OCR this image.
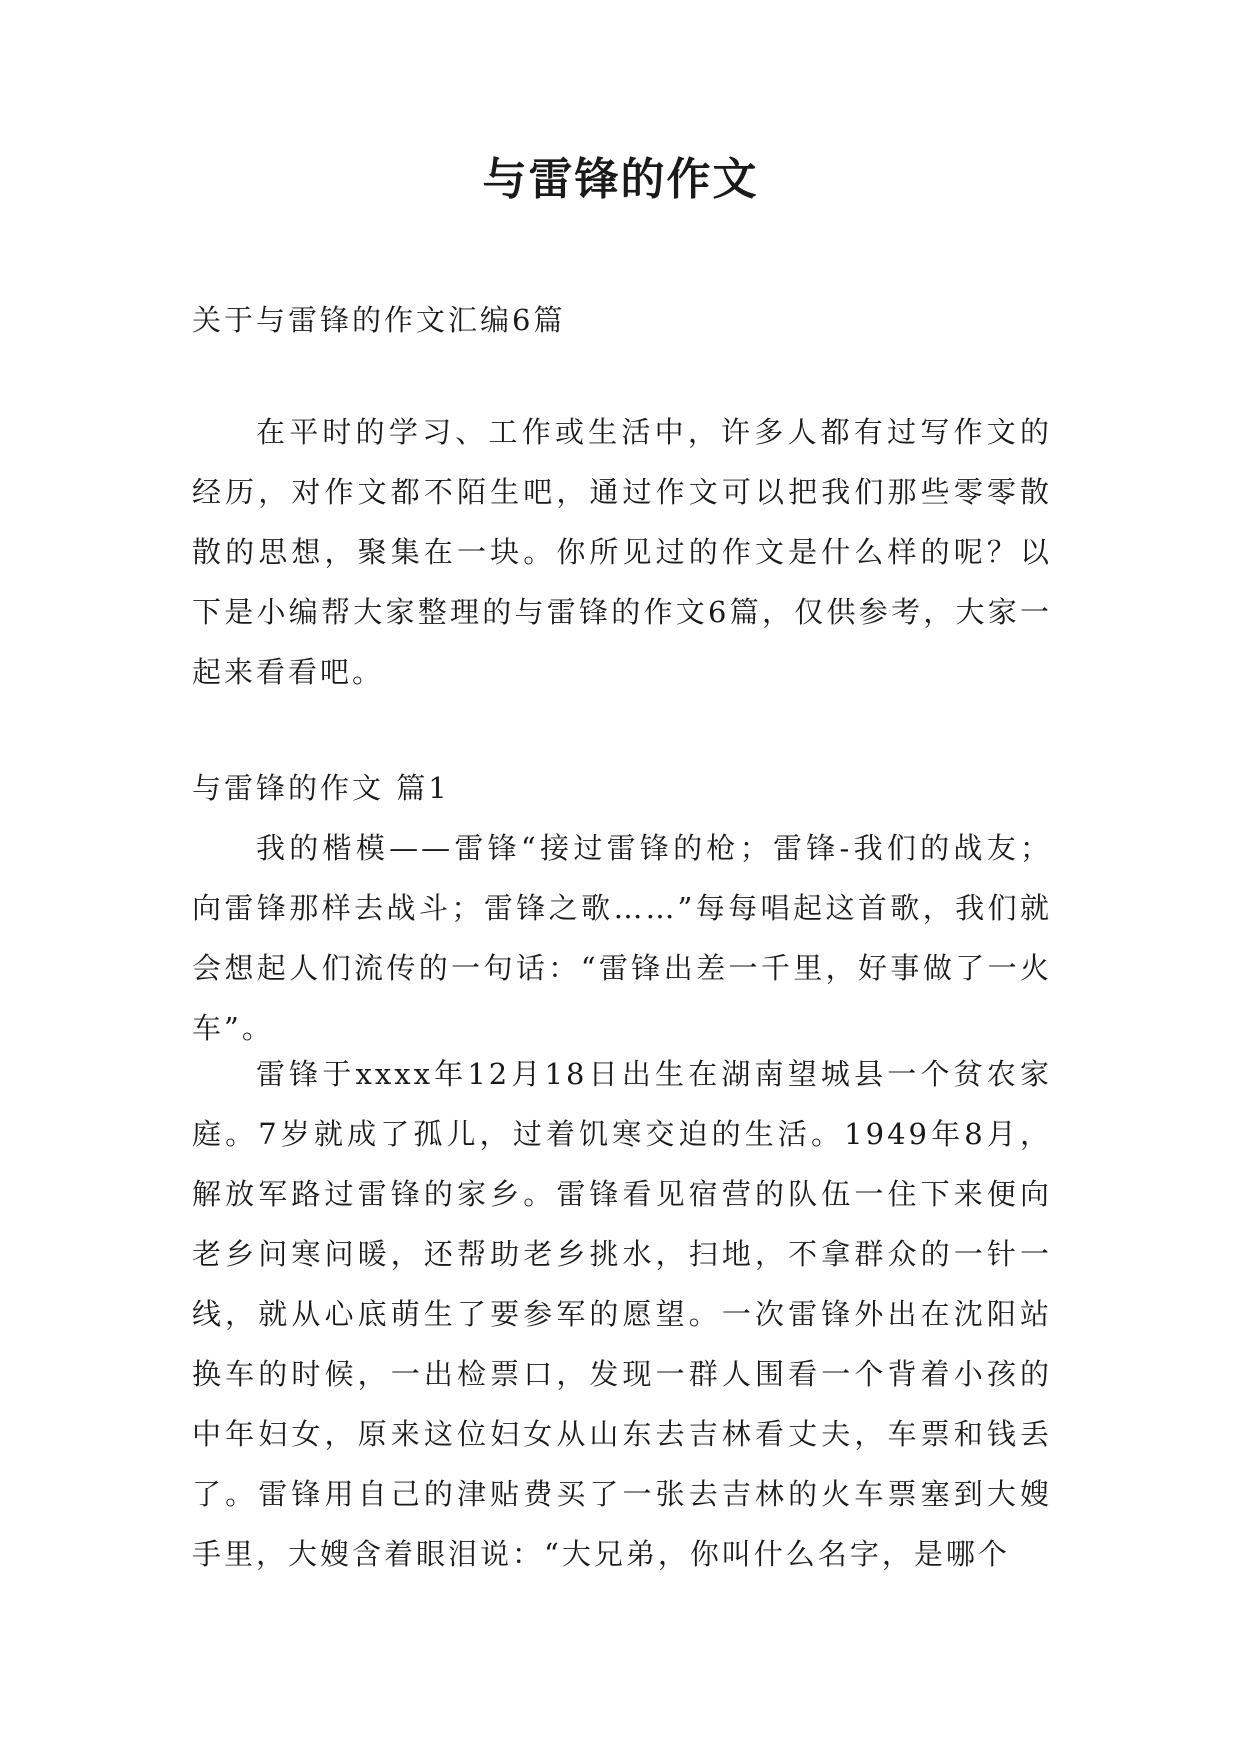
与雷锋的作文

关于与雷锋的作文汇编6篇

在平时的学习、工作或生活中，许多人都有过写作文的经历，对作文都不陌生吧，通过作文可以把我们那些零零散散的思想，聚集在一块。你所见过的作文是什么样的呢？以下是小编帮大家整理的与雷锋的作文6篇，仅供参考，大家一起来看看吧。

与雷锋的作文 篇1

我的楷模——雷锋“接过雷锋的枪；雷锋-我们的战友；向雷锋那样去战斗；雷锋之歌……”每每唱起这首歌，我们就会想起人们流传的一句话：“雷锋出差一千里，好事做了一火车”。

雷锋于xxxx年12月18日出生在湖南望城县一个贫农家庭。7岁就成了孤儿，过着饥寒交迫的生活。1949年8月，解放军路过雷锋的家乡。雷锋看见宿营的队伍一住下来便向老乡问寒问暖，还帮助老乡挑水，扫地，不拿群众的一针一线，就从心底萌生了要参军的愿望。一次雷锋外出在沈阳站换车的时候，一出检票口，发现一群人围看一个背着小孩的中年妇女，原来这位妇女从山东去吉林看丈夫，车票和钱丢了。雷锋用自己的津贴费买了一张去吉林的火车票塞到大嫂手里，大嫂含着眼泪说：“大兄弟，你叫什么名字，是哪个
